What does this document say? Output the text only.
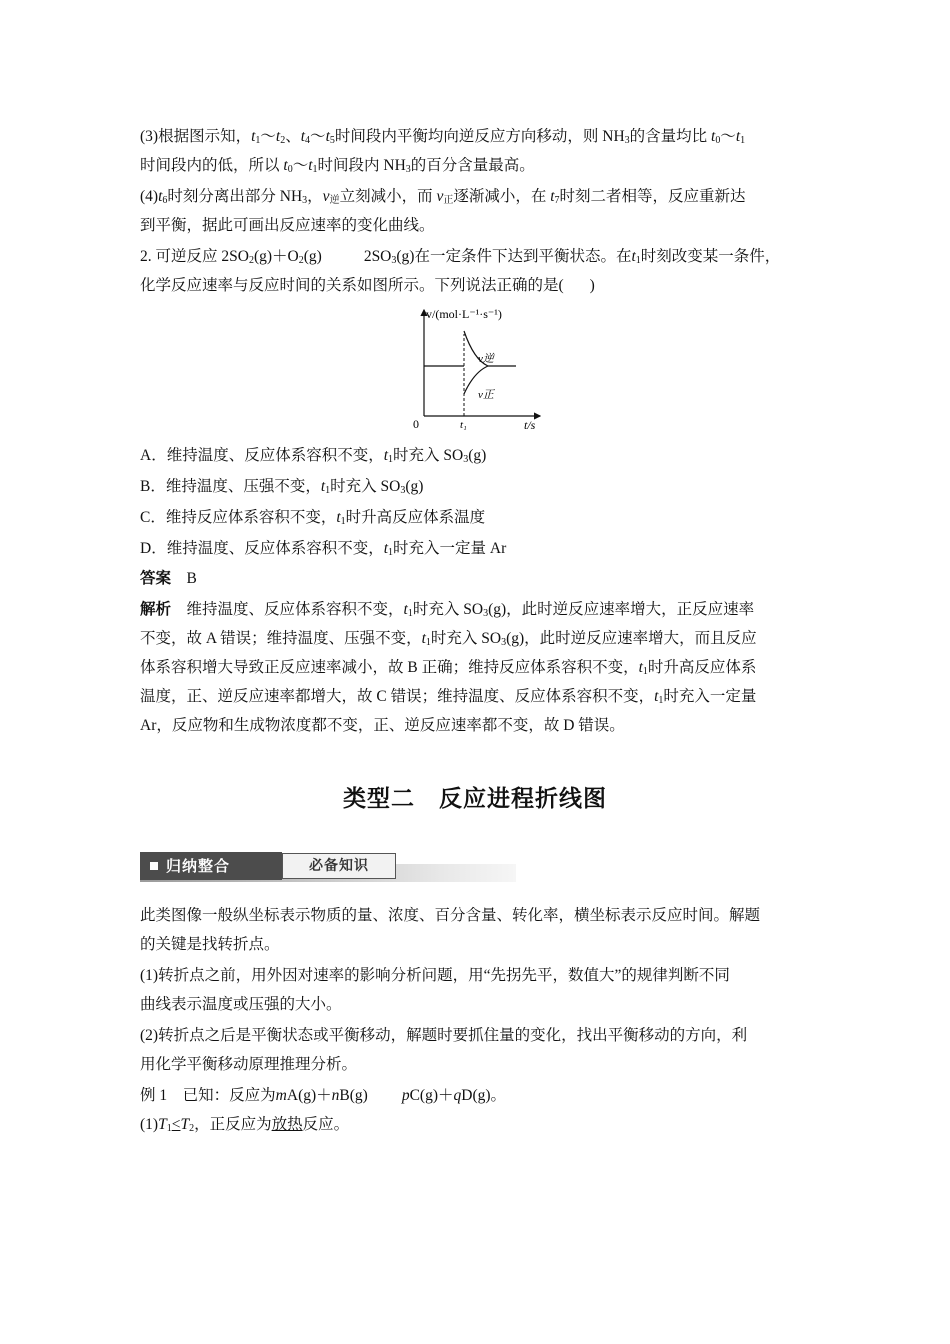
(3)根据图示知，$t_1\sim t_2$、$t_4\sim t_5$时间段内平衡均向逆反应方向移动，则 $NH_3$的含量均比 $t_0\sim t_1$
时间段内的低，所以 $t_0\sim t_1$时间段内 $NH_3$的百分含量最高。
$(4)t_6$时刻分离出部分 $NH_3$，$v_逆$立刻减小，而 $v_正$逐渐减小，在 $t_7$时刻二者相等，反应重新达
到平衡，据此可画出反应速率的变化曲线。
2. 可逆反应 $2SO_2(g)+O_2(g)$	$2SO_3(g)$在一定条件下达到平衡状态。在$t_1$时刻改变某一条件，
化学反应速率与反应时间的关系如图所示。下列说法正确的是( )
v/(mol·L⁻¹·s⁻¹)
t/s
0	t₁
v逆
v正
A．维持温度、反应体系容积不变，$t_1$时充入 $SO_3(g)$
B．维持温度、压强不变，$t_1$时充入 $SO_3(g)$
C．维持反应体系容积不变，$t_1$时升高反应体系温度
D．维持温度、反应体系容积不变，$t_1$时充入一定量 Ar
答案　 B
解析　 维持温度、反应体系容积不变，$t_1$时充入 $SO_3(g)$，此时逆反应速率增大，正反应速率
不变，故 A 错误；维持温度、压强不变，$t_1$时充入 $SO_3(g)$，此时逆反应速率增大，而且反应
体系容积增大导致正反应速率减小，故 B 正确；维持反应体系容积不变，$t_1$时升高反应体系
温度，正、逆反应速率都增大，故 C 错误；维持温度、反应体系容积不变，$t_1$时充入一定量
Ar，反应物和生成物浓度都不变，正、逆反应速率都不变，故 D 错误。
类型二　反应进程折线图
归纳整合	必备知识
此类图像一般纵坐标表示物质的量、浓度、百分含量、转化率，横坐标表示反应时间。解题
的关键是找转折点。
(1)转折点之前，用外因对速率的影响分析问题，用“先拐先平，数值大”的规律判断不同
曲线表示温度或压强的大小。
(2)转折点之后是平衡状态或平衡移动，解题时要抓住量的变化，找出平衡移动的方向，利
用化学平衡移动原理推理分析。
例 1　 已知：反应为mA(g)＋nB(g) pC(g)＋qD(g)。
$(1)T_1<T_2$，正反应为放热反应。
